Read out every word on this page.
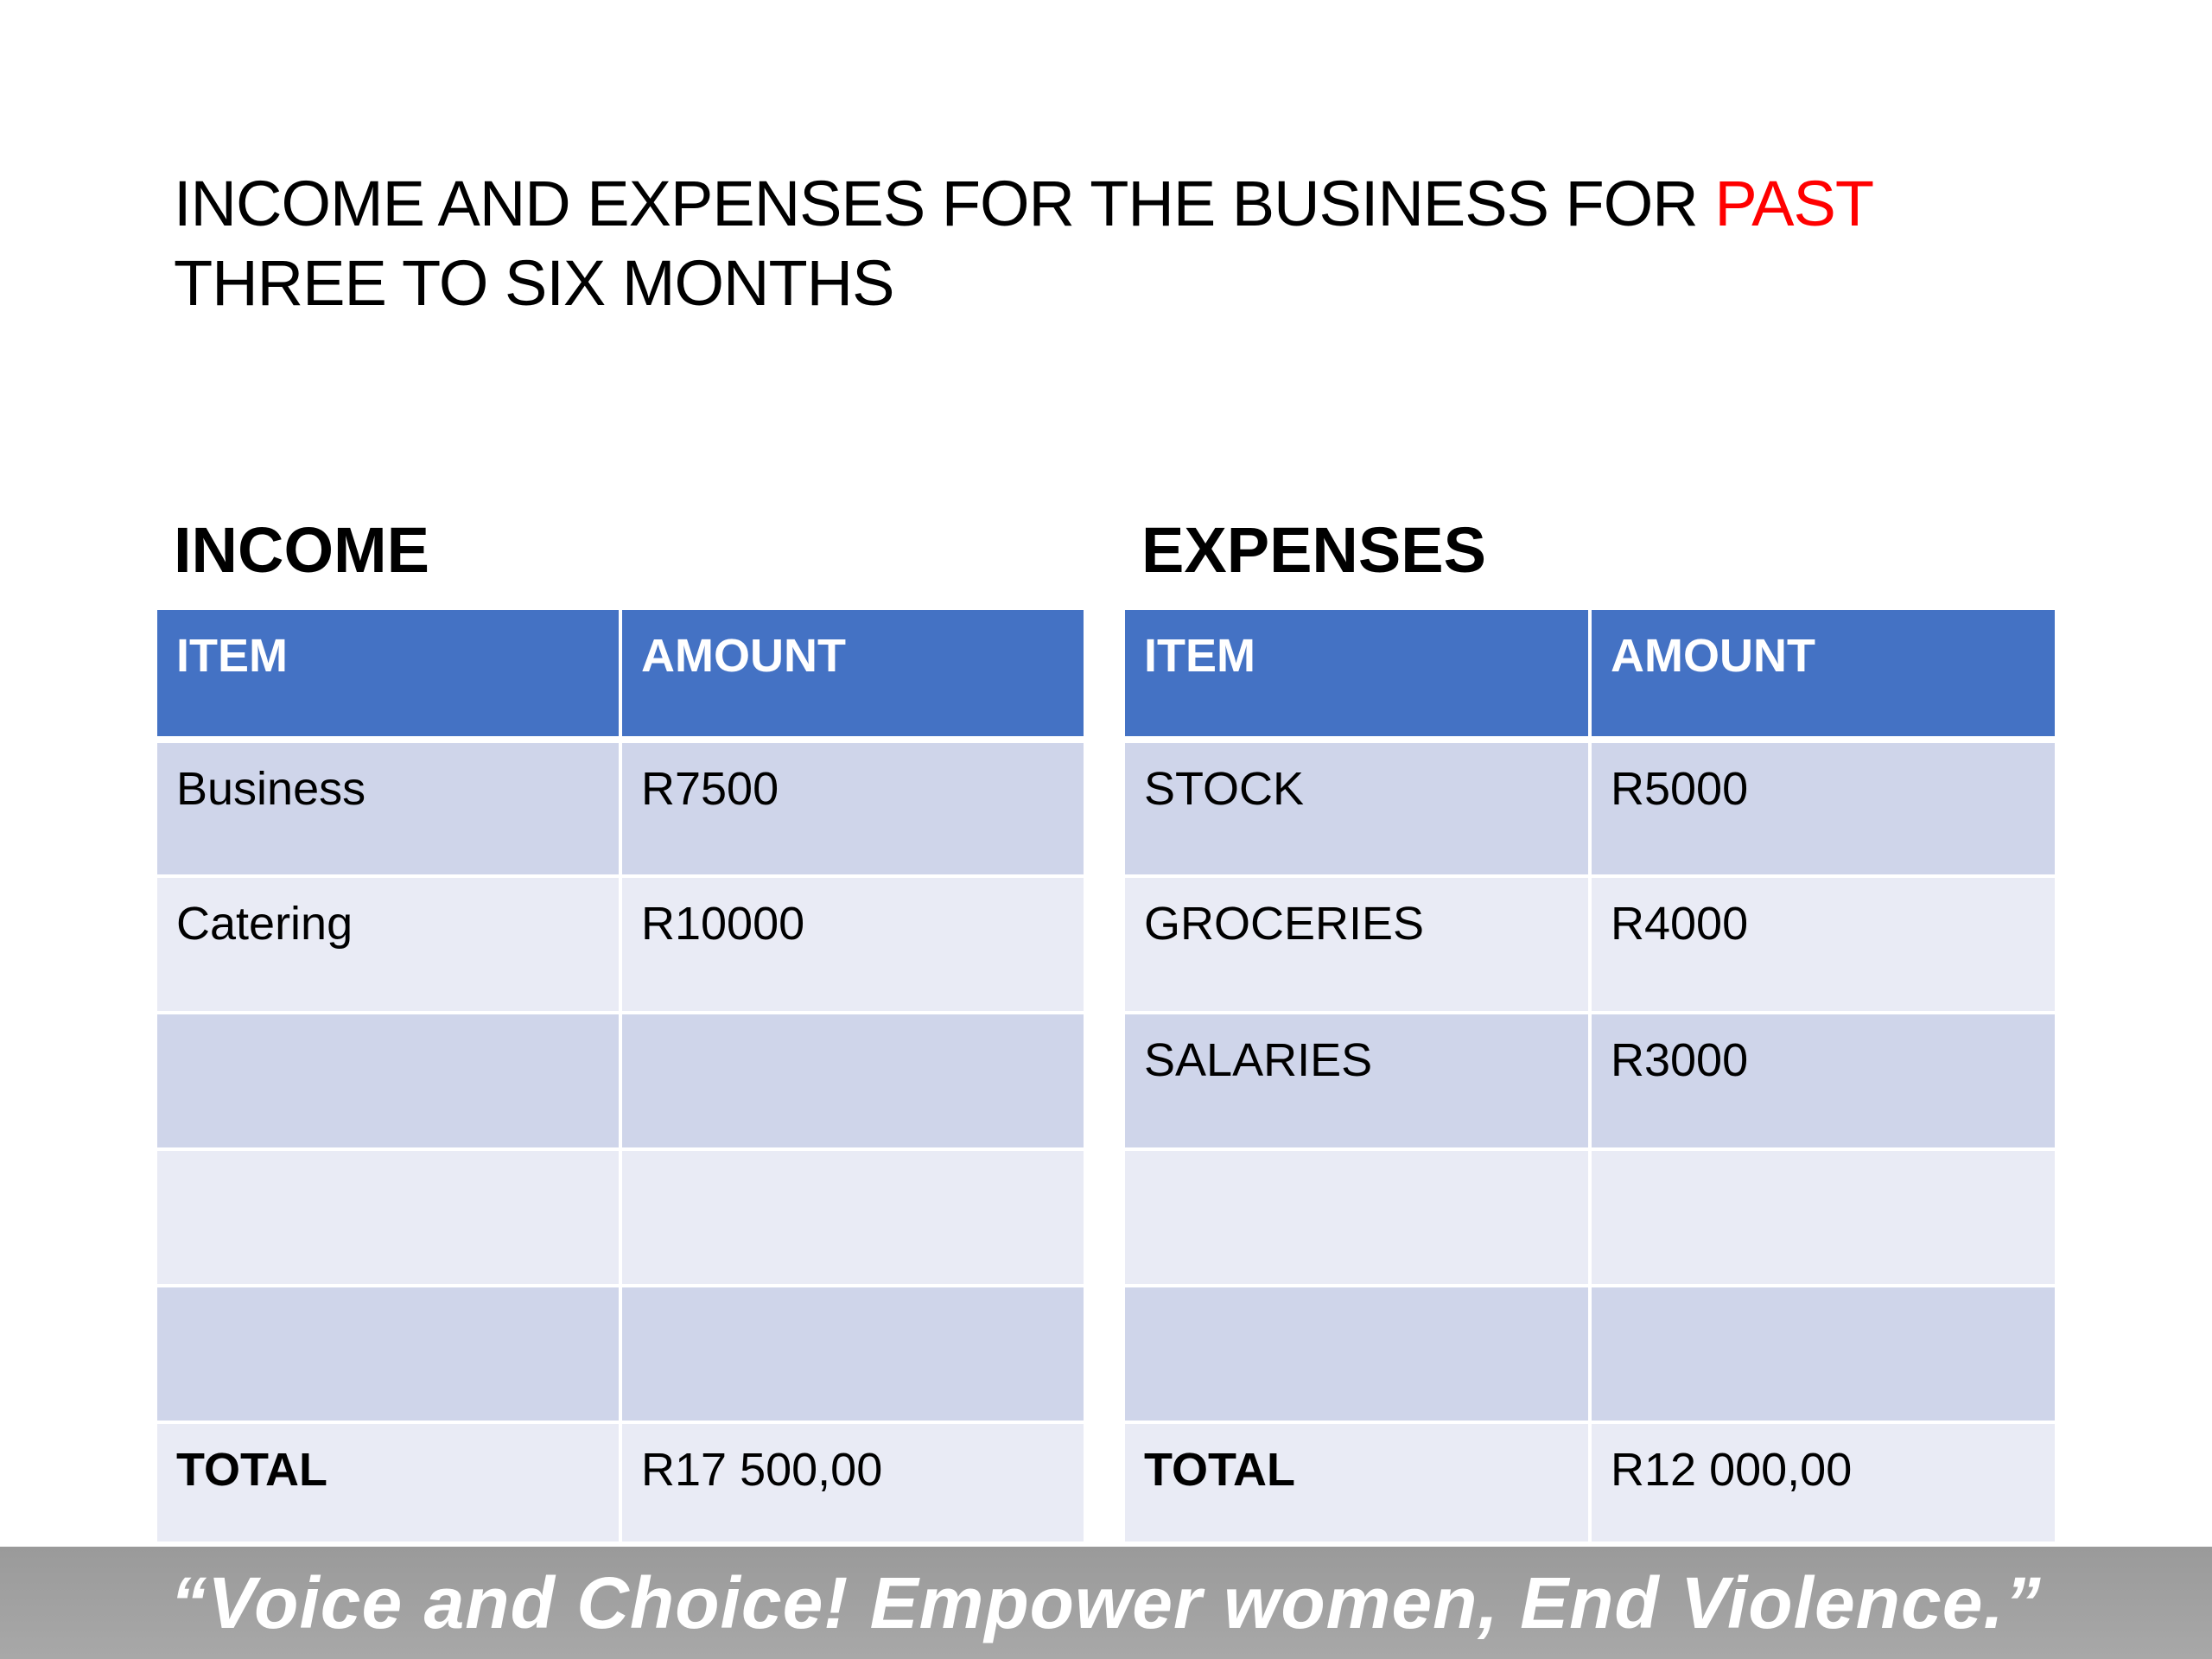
INCOME AND EXPENSES FOR THE BUSINESS FOR PAST THREE TO SIX MONTHS
INCOME	EXPENSES
ITEM	AMOUNT
Business	R7500
Catering	R10000

TOTAL	R17 500,00
ITEM	AMOUNT
STOCK	R5000
GROCERIES	R4000
SALARIES	R3000

TOTAL	R12 000,00
“Voice and Choice! Empower women, End Violence.”
